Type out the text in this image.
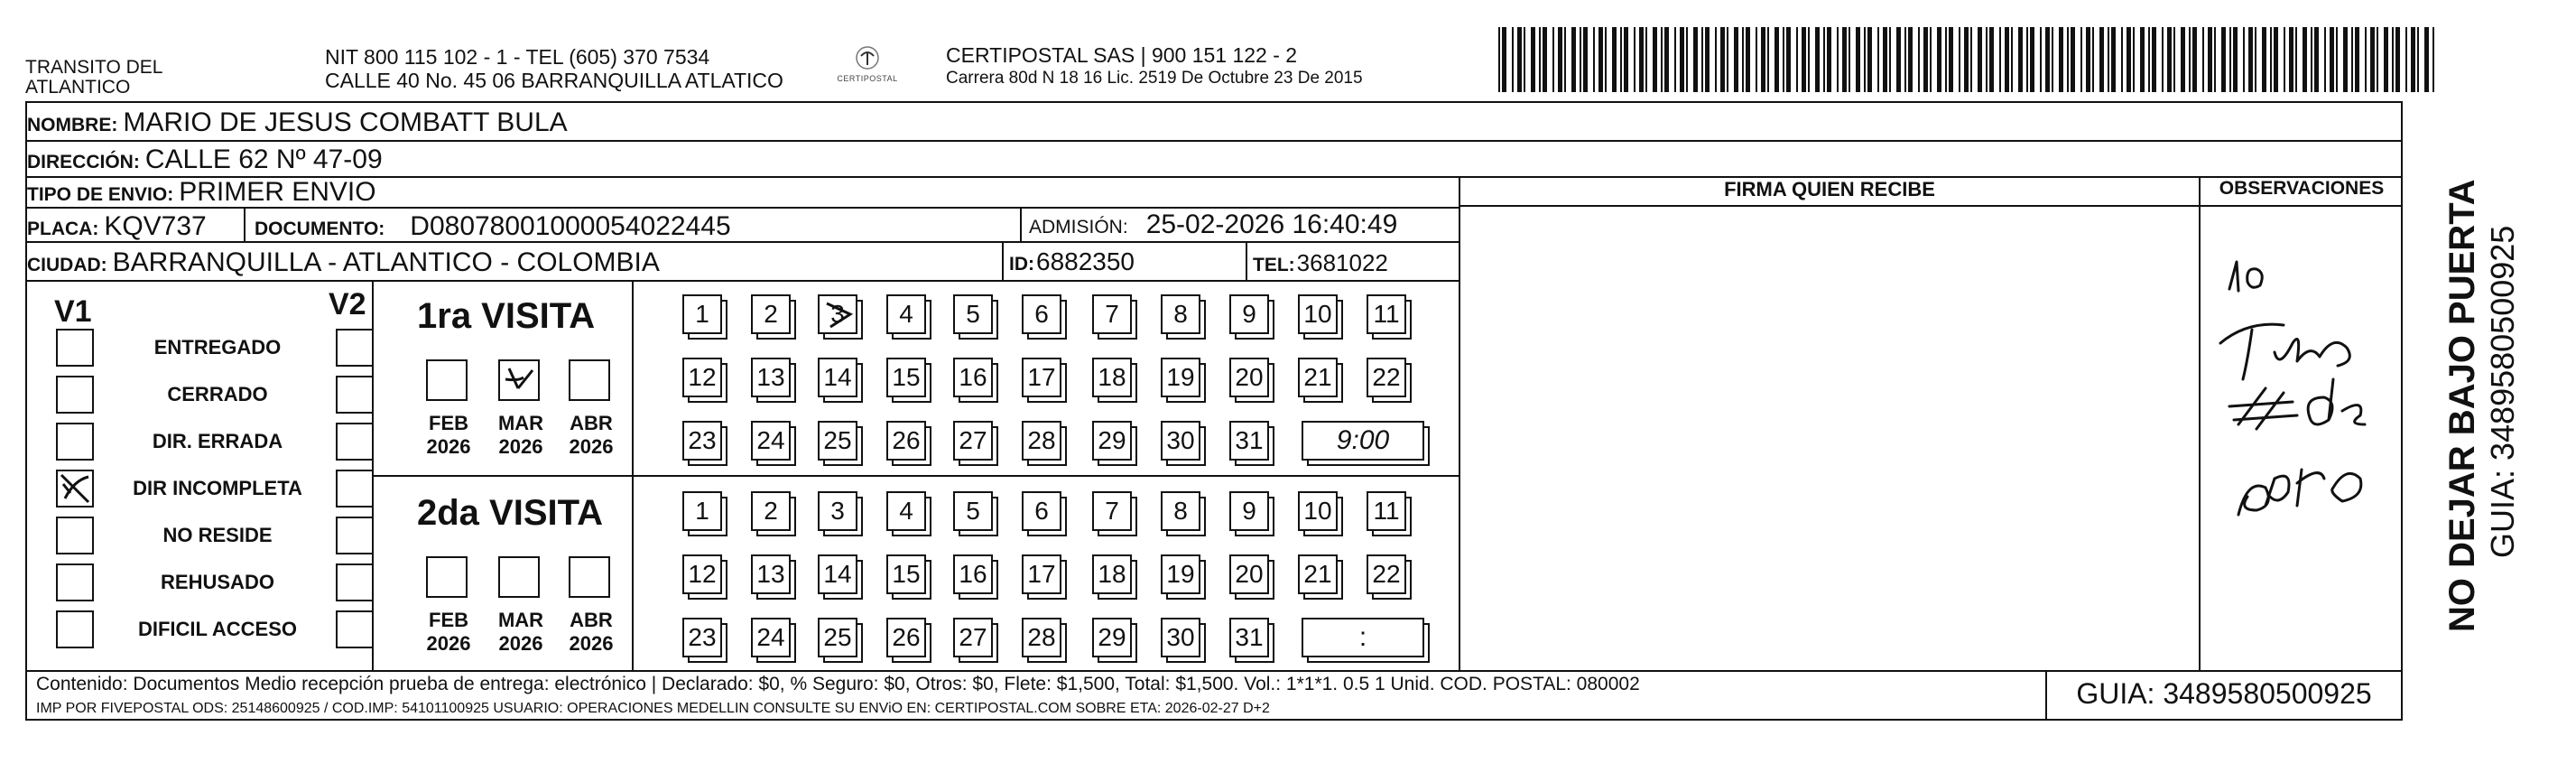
TRANSITO DEL ATLANTICO
NIT 800 115 102 - 1 - TEL (605) 370 7534
CALLE 40 No. 45 06 BARRANQUILLA ATLATICO	CERTIPOSTAL
CERTIPOSTAL SAS | 900 151 122 - 2
Carrera 80d N 18 16 Lic. 2519 De Octubre 23 De 2015
NOMBRE: MARIO DE JESUS COMBATT BULA
DIRECCIÓN: CALLE 62 Nº 47-09
TIPO DE ENVIO: PRIMER ENVIO
PLACA: KQV737	DOCUMENTO: D08078001000054022445	ADMISIÓN: 25-02-2026 16:40:49
CIUDAD: BARRANQUILLA - ATLANTICO - COLOMBIA	ID: 6882350	TEL: 3681022
FIRMA QUIEN RECIBE	OBSERVACIONES
V1	V2
ENTREGADO
CERRADO
DIR. ERRADA
DIR INCOMPLETA
NO RESIDE
REHUSADO
DIFICIL ACCESO
1ra VISITA
FEB
2026
MAR
2026
ABR
2026
1 2 3 4 5 6 7 8 9 10 11
12 13 14 15 16 17 18 19 20 21 22
23 24 25 26 27 28 29 30 31	9:00
2da VISITA
FEB
2026
MAR
2026
ABR
2026
1 2 3 4 5 6 7 8 9 10 11
12 13 14 15 16 17 18 19 20 21 22
23 24 25 26 27 28 29 30 31	:
Contenido: Documentos Medio recepción prueba de entrega: electrónico | Declarado: $0, % Seguro: $0, Otros: $0, Flete: $1,500, Total: $1,500. Vol.: 1*1*1. 0.5 1 Unid. COD. POSTAL: 080002
IMP POR FIVEPOSTAL ODS: 25148600925 / COD.IMP: 54101100925 USUARIO: OPERACIONES MEDELLIN CONSULTE SU ENViO EN: CERTIPOSTAL.COM SOBRE ETA: 2026-02-27 D+2	GUIA: 3489580500925
NO DEJAR BAJO PUERTA GUIA: 3489580500925
